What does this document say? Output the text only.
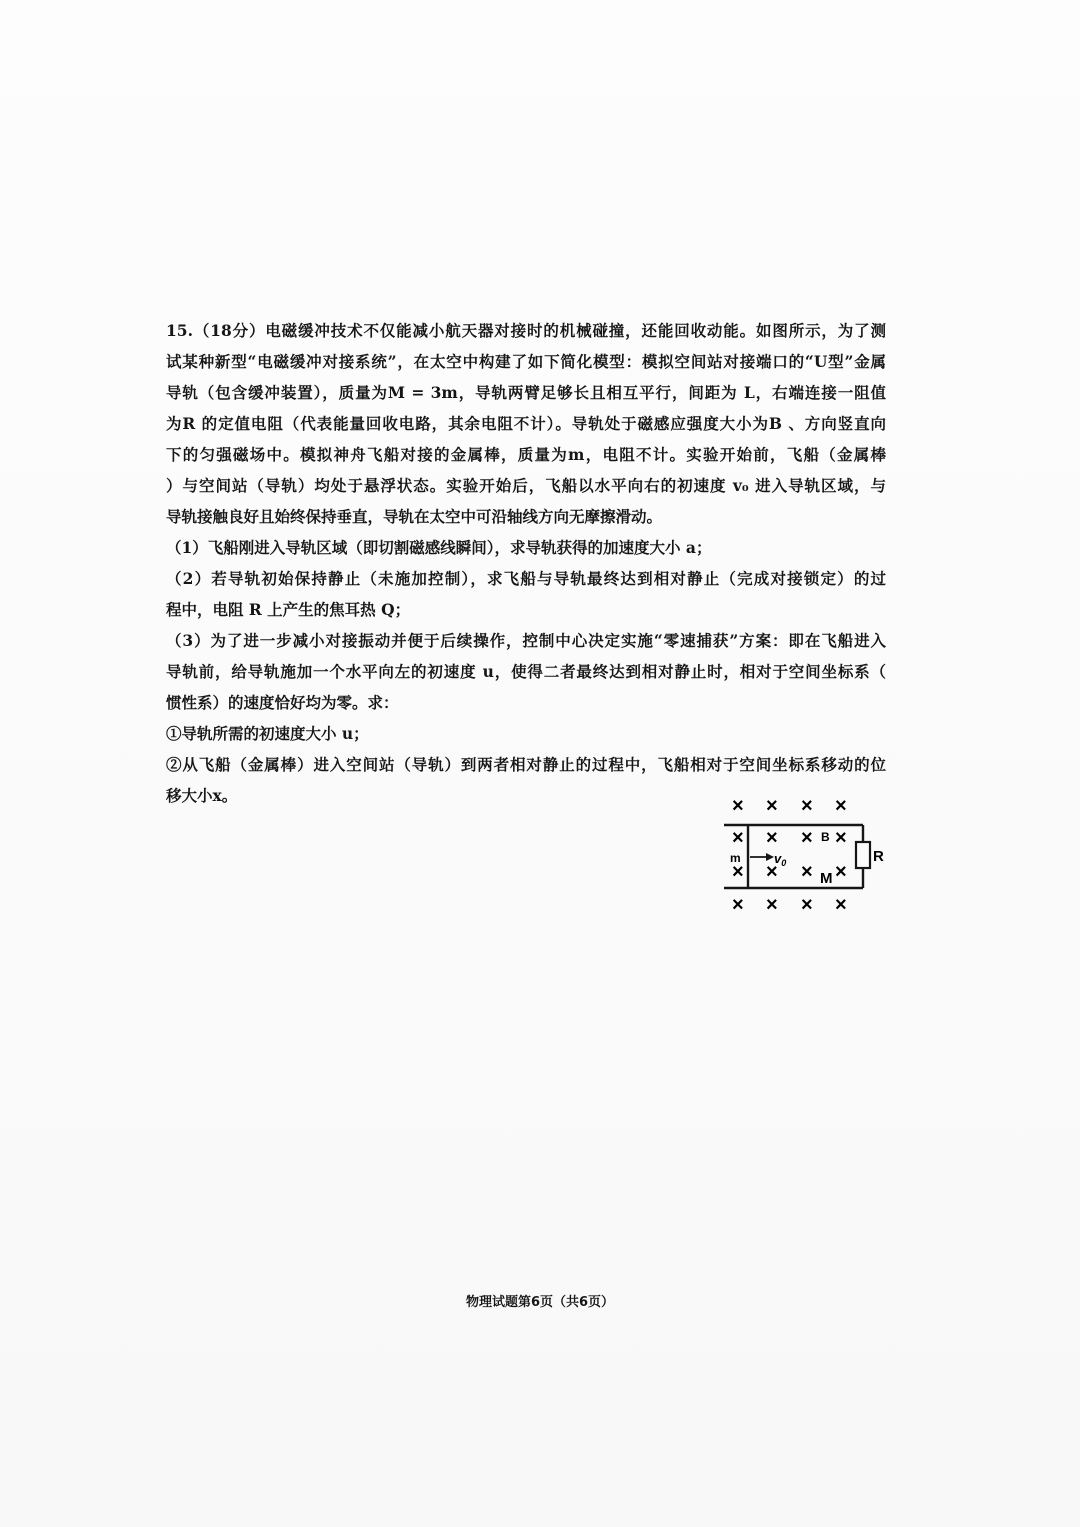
15.（18分）电磁缓冲技术不仅能减小航天器对接时的机械碰撞，还能回收动能。如图所示，为了测
试某种新型“电磁缓冲对接系统”，在太空中构建了如下简化模型：模拟空间站对接端口的“U型”金属
导轨（包含缓冲装置），质量为M = 3m，导轨两臂足够长且相互平行，间距为 L，右端连接一阻值
为R 的定值电阻（代表能量回收电路，其余电阻不计）。导轨处于磁感应强度大小为B 、方向竖直向
下的匀强磁场中。模拟神舟飞船对接的金属棒，质量为m，电阻不计。实验开始前，飞船（金属棒
）与空间站（导轨）均处于悬浮状态。实验开始后，飞船以水平向右的初速度 v₀ 进入导轨区域，与
导轨接触良好且始终保持垂直，导轨在太空中可沿轴线方向无摩擦滑动。
（1）飞船刚进入导轨区域（即切割磁感线瞬间），求导轨获得的加速度大小 a；
（2）若导轨初始保持静止（未施加控制），求飞船与导轨最终达到相对静止（完成对接锁定）的过
程中，电阻 R 上产生的焦耳热 Q；
（3）为了进一步减小对接振动并便于后续操作，控制中心决定实施“零速捕获”方案：即在飞船进入
导轨前，给导轨施加一个水平向左的初速度 u，使得二者最终达到相对静止时，相对于空间坐标系（
惯性系）的速度恰好均为零。求：
①导轨所需的初速度大小 u；
②从飞船（金属棒）进入空间站（导轨）到两者相对静止的过程中，飞船相对于空间坐标系移动的位
移大小x。	× × × ×
R
×
×
×
×
×
×
×
×
m	$v_0$
B
M
× × × ×
物理试题第6页（共6页）
